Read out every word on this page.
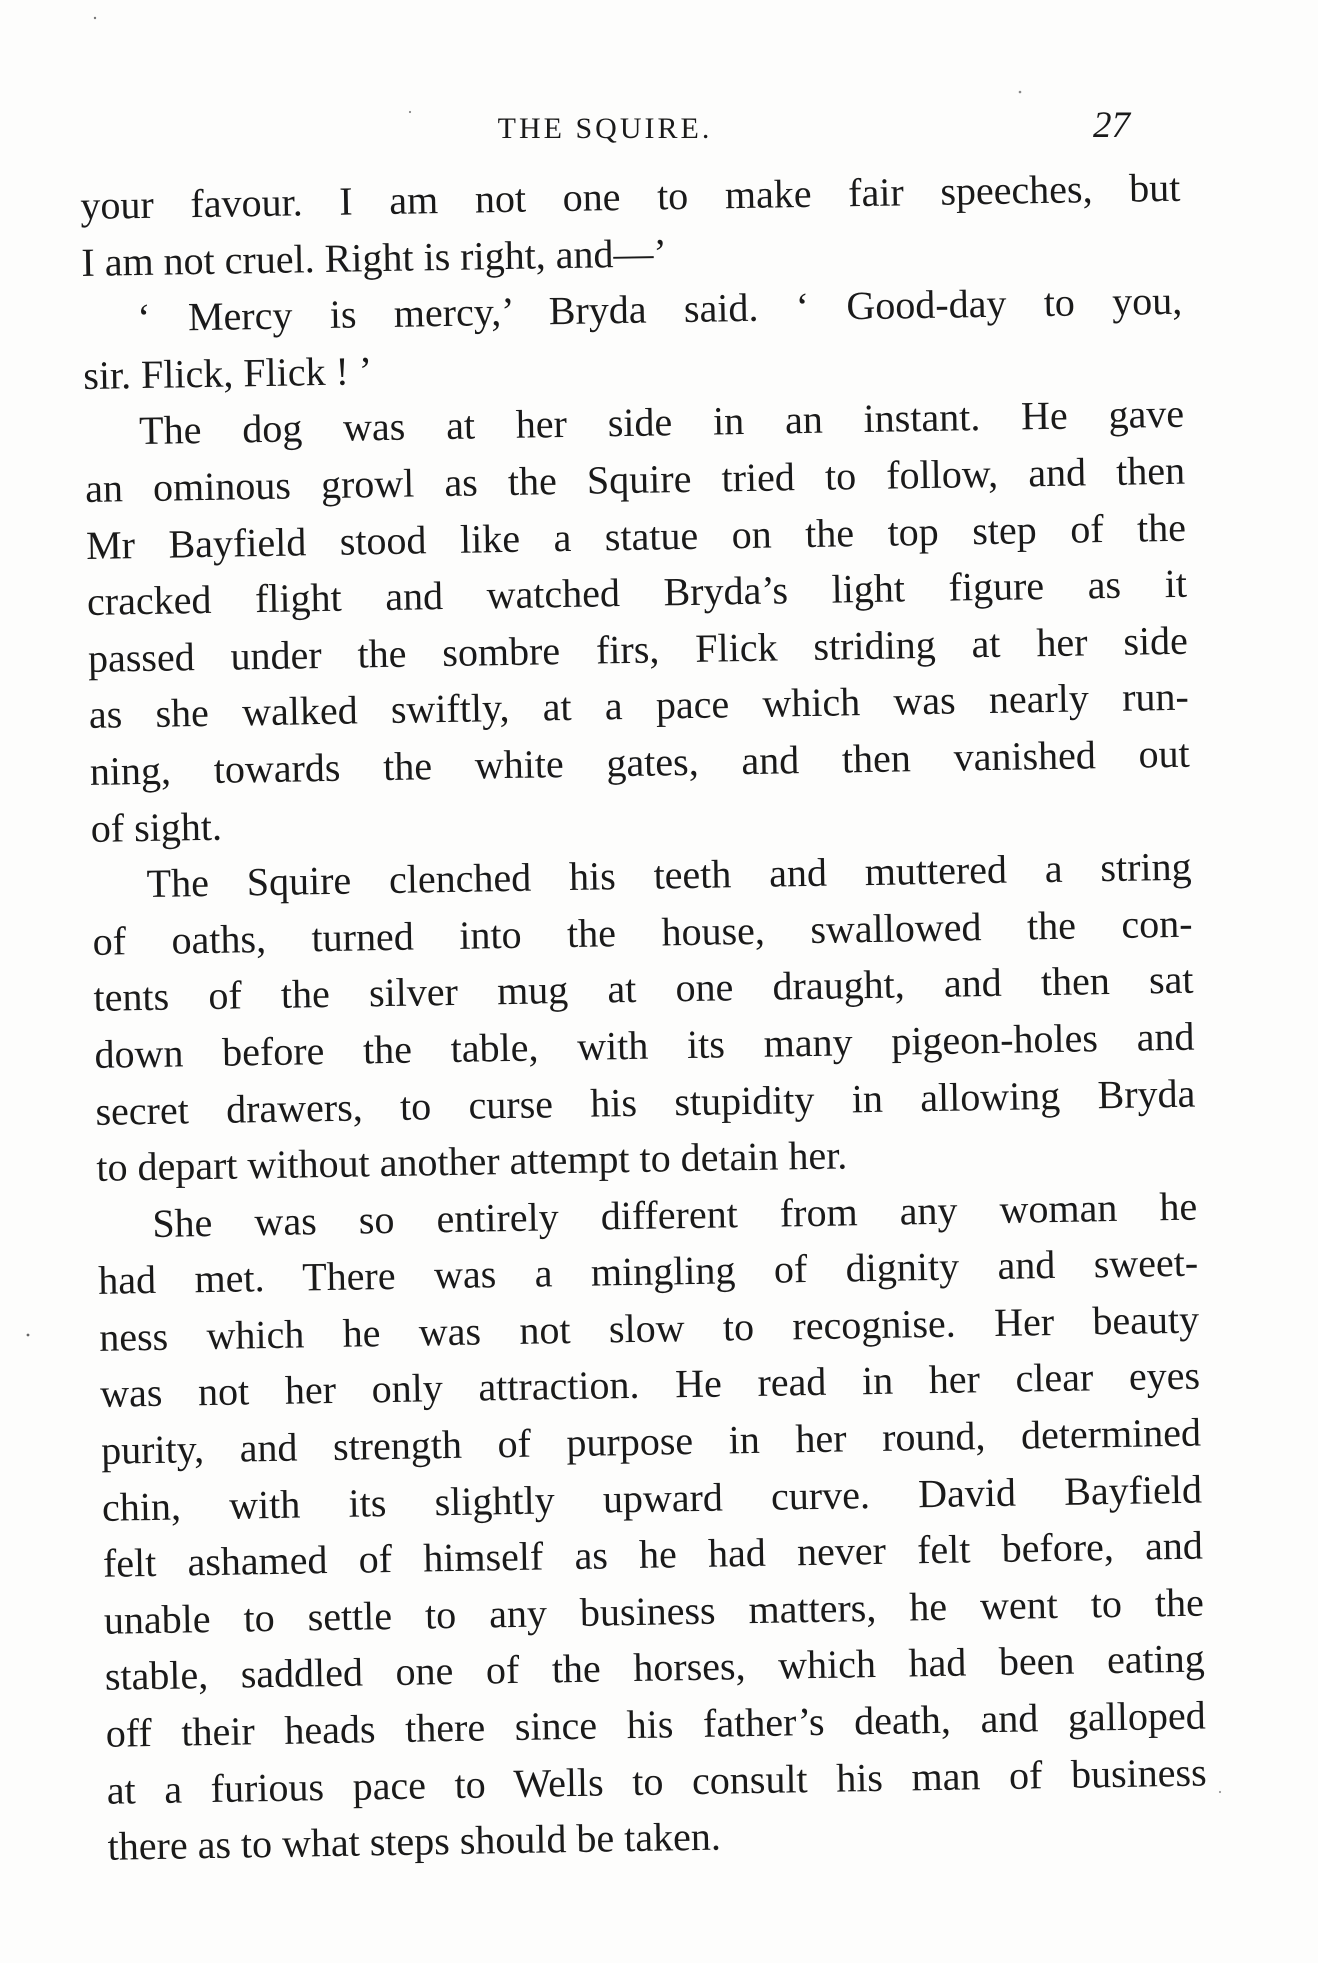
THE SQUIRE.	27
your favour. I am not one to make fair speeches, but
I am not cruel. Right is right, and—’
‘ Mercy is mercy,’ Bryda said. ‘ Good-day to you,
sir. Flick, Flick ! ’
The dog was at her side in an instant. He gave
an ominous growl as the Squire tried to follow, and then
Mr Bayfield stood like a statue on the top step of the
cracked flight and watched Bryda’s light figure as it
passed under the sombre firs, Flick striding at her side
as she walked swiftly, at a pace which was nearly run-
ning, towards the white gates, and then vanished out
of sight.
The Squire clenched his teeth and muttered a string
of oaths, turned into the house, swallowed the con-
tents of the silver mug at one draught, and then sat
down before the table, with its many pigeon-holes and
secret drawers, to curse his stupidity in allowing Bryda
to depart without another attempt to detain her.
She was so entirely different from any woman he
had met. There was a mingling of dignity and sweet-
ness which he was not slow to recognise. Her beauty
was not her only attraction. He read in her clear eyes
purity, and strength of purpose in her round, determined
chin, with its slightly upward curve. David Bayfield
felt ashamed of himself as he had never felt before, and
unable to settle to any business matters, he went to the
stable, saddled one of the horses, which had been eating
off their heads there since his father’s death, and galloped
at a furious pace to Wells to consult his man of business
there as to what steps should be taken.
